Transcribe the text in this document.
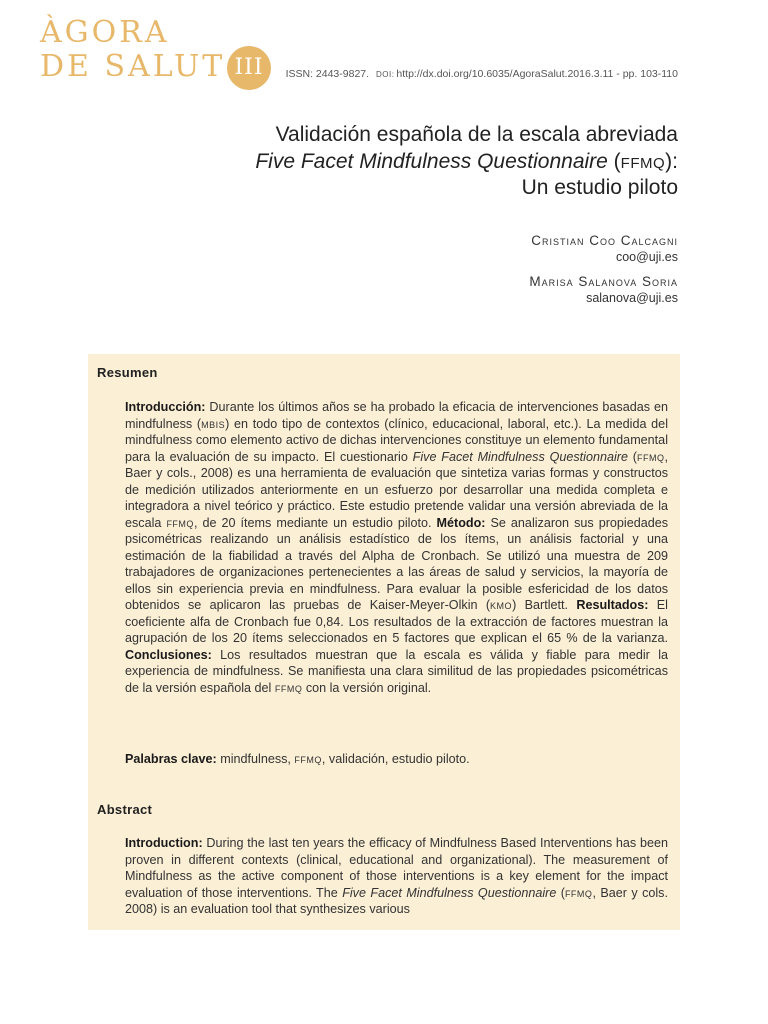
ÀGORA
DE SALUT III	ISSN: 2443-9827. DOI: http://dx.doi.org/10.6035/AgoraSalut.2016.3.11 - pp. 103-110
Validación española de la escala abreviada
Five Facet Mindfulness Questionnaire (ffmq):
Un estudio piloto
Cristian Coo Calcagni
coo@uji.es
Marisa Salanova Soria
salanova@uji.es
Resumen

Introducción: Durante los últimos años se ha probado la eficacia de intervenciones basadas en mindfulness (mbis) en todo tipo de contextos (clínico, educacional, laboral, etc.). La medida del mindfulness como elemento activo de dichas intervenciones constituye un elemento fundamental para la evaluación de su impacto. El cuestionario Five Facet Mindfulness Questionnaire (ffmq, Baer y cols., 2008) es una herramienta de evaluación que sintetiza varias formas y constructos de medición utilizados anteriormente en un esfuerzo por desarrollar una medida completa e integradora a nivel teórico y práctico. Este estudio pretende validar una versión abreviada de la escala ffmq, de 20 ítems mediante un estudio piloto. Método: Se analizaron sus propiedades psicométricas realizando un análisis estadístico de los ítems, un análisis factorial y una estimación de la fiabilidad a través del Alpha de Cronbach. Se utilizó una muestra de 209 trabajadores de organizaciones pertenecientes a las áreas de salud y servicios, la mayoría de ellos sin experiencia previa en mindfulness. Para evaluar la posible esfericidad de los datos obtenidos se aplicaron las pruebas de Kaiser-Meyer-Olkin (kmo) Bartlett. Resultados: El coeficiente alfa de Cronbach fue 0,84. Los resultados de la extracción de factores muestran la agrupación de los 20 ítems seleccionados en 5 factores que explican el 65 % de la varianza. Conclusiones: Los resultados muestran que la escala es válida y fiable para medir la experiencia de mindfulness. Se manifiesta una clara similitud de las propiedades psicométricas de la versión española del ffmq con la versión original.

Palabras clave: mindfulness, ffmq, validación, estudio piloto.

Abstract

Introduction: During the last ten years the efficacy of Mindfulness Based Interventions has been proven in different contexts (clinical, educational and organizational). The measurement of Mindfulness as the active component of those interventions is a key element for the impact evaluation of those interventions. The Five Facet Mindfulness Questionnaire (ffmq, Baer y cols. 2008) is an evaluation tool that synthesizes various
